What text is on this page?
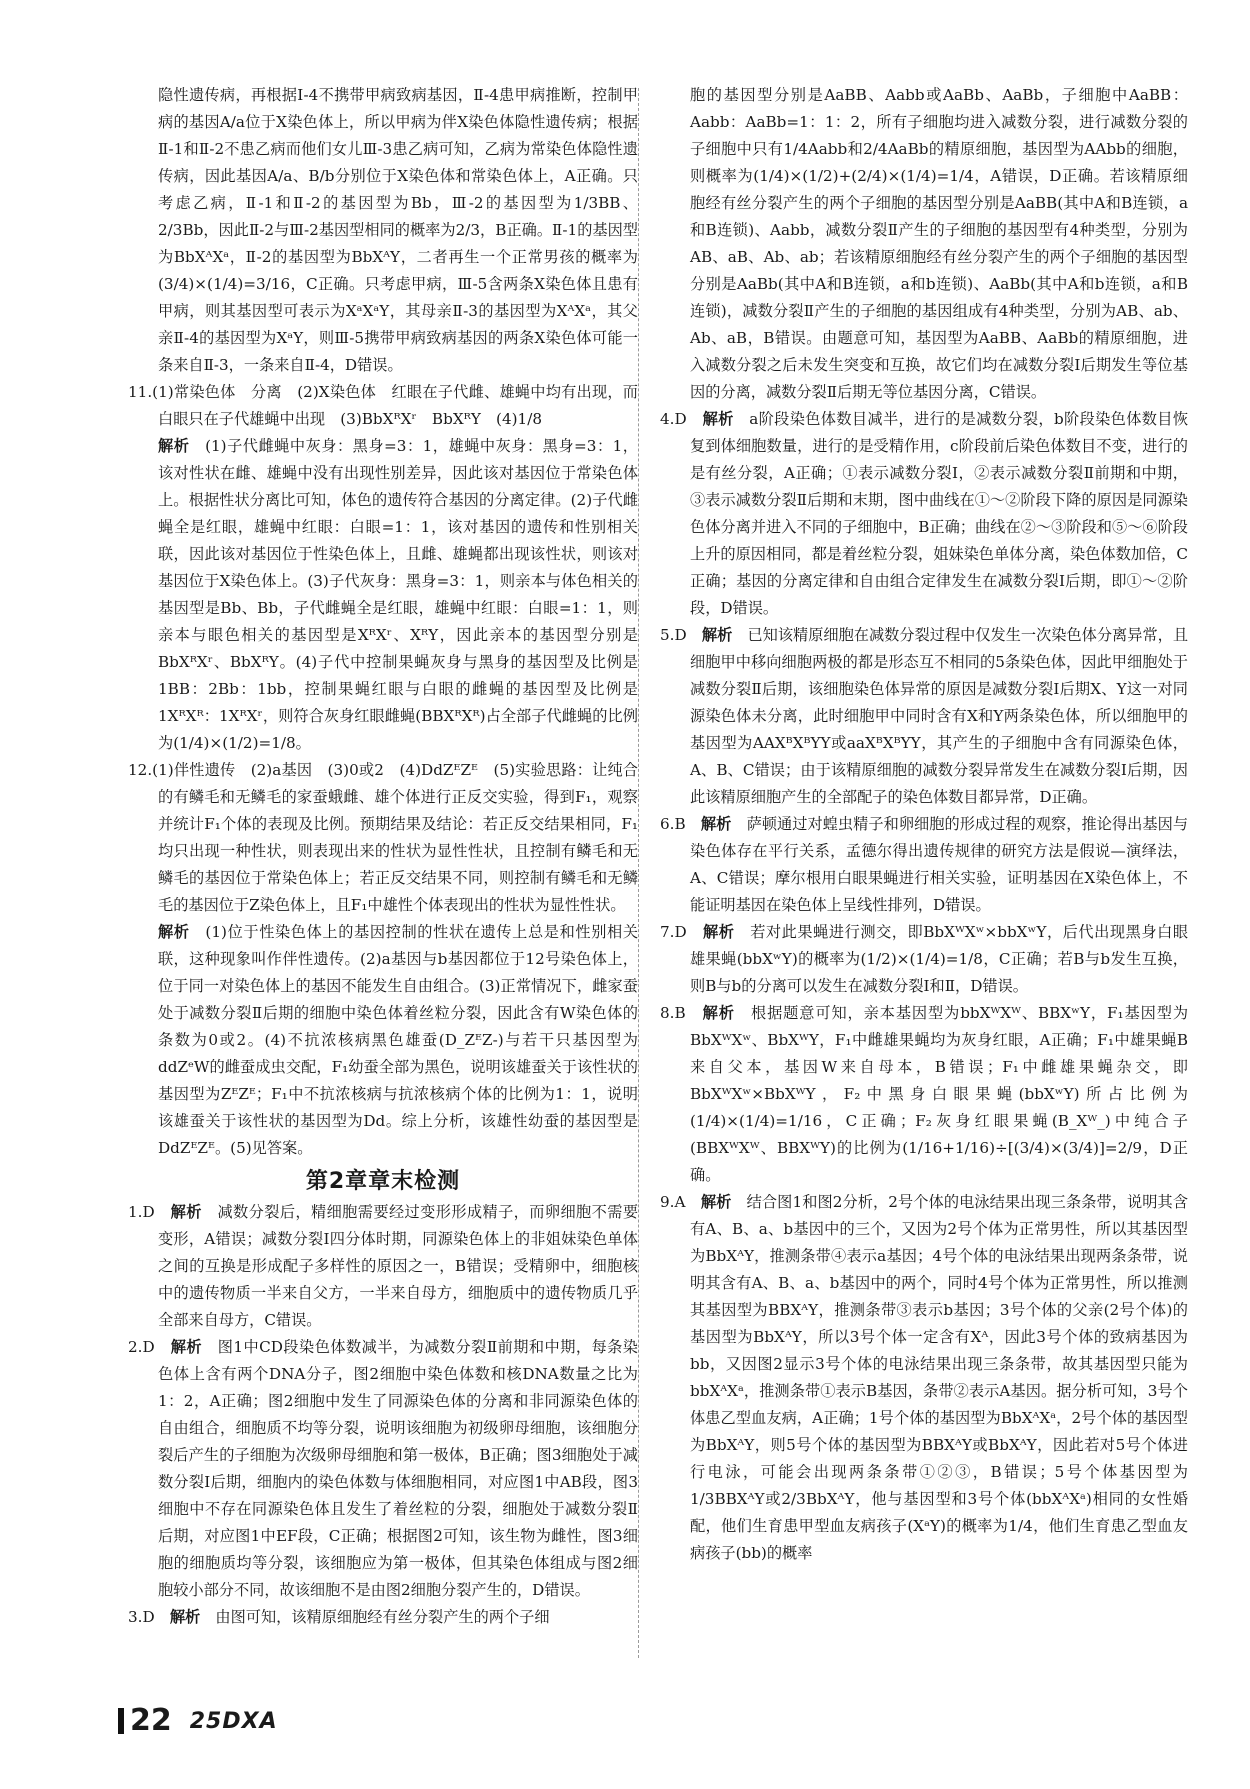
隐性遗传病，再根据Ⅰ-4不携带甲病致病基因，Ⅱ-4患甲病推断，控制甲病的基因A/a位于X染色体上，所以甲病为伴X染色体隐性遗传病；根据Ⅱ-1和Ⅱ-2不患乙病而他们女儿Ⅲ-3患乙病可知，乙病为常染色体隐性遗传病，因此基因A/a、B/b分别位于X染色体和常染色体上，A正确。只考虑乙病，Ⅱ-1和Ⅱ-2的基因型为Bb，Ⅲ-2的基因型为1/3BB、2/3Bb，因此Ⅱ-2与Ⅲ-2基因型相同的概率为2/3，B正确。Ⅱ-1的基因型为BbXᴬXᵃ，Ⅱ-2的基因型为BbXᴬY，二者再生一个正常男孩的概率为(3/4)×(1/4)=3/16，C正确。只考虑甲病，Ⅲ-5含两条X染色体且患有甲病，则其基因型可表示为XᵃXᵃY，其母亲Ⅱ-3的基因型为XᴬXᵃ，其父亲Ⅱ-4的基因型为XᵃY，则Ⅲ-5携带甲病致病基因的两条X染色体可能一条来自Ⅱ-3，一条来自Ⅱ-4，D错误。

11.(1)常染色体　分离　(2)X染色体　红眼在子代雌、雄蝇中均有出现，而白眼只在子代雄蝇中出现　(3)BbXᴿXʳ　BbXᴿY　(4)1/8

解析　(1)子代雌蝇中灰身：黑身=3：1，雄蝇中灰身：黑身=3：1，该对性状在雌、雄蝇中没有出现性别差异，因此该对基因位于常染色体上。根据性状分离比可知，体色的遗传符合基因的分离定律。(2)子代雌蝇全是红眼，雄蝇中红眼：白眼=1：1，该对基因的遗传和性别相关联，因此该对基因位于性染色体上，且雌、雄蝇都出现该性状，则该对基因位于X染色体上。(3)子代灰身：黑身=3：1，则亲本与体色相关的基因型是Bb、Bb，子代雌蝇全是红眼，雄蝇中红眼：白眼=1：1，则亲本与眼色相关的基因型是XᴿXʳ、XᴿY，因此亲本的基因型分别是BbXᴿXʳ、BbXᴿY。(4)子代中控制果蝇灰身与黑身的基因型及比例是1BB：2Bb：1bb，控制果蝇红眼与白眼的雌蝇的基因型及比例是1XᴿXᴿ：1XᴿXʳ，则符合灰身红眼雌蝇(BBXᴿXᴿ)占全部子代雌蝇的比例为(1/4)×(1/2)=1/8。

12.(1)伴性遗传　(2)a基因　(3)0或2　(4)DdZᴱZᴱ　(5)实验思路：让纯合的有鳞毛和无鳞毛的家蚕蛾雌、雄个体进行正反交实验，得到F₁，观察并统计F₁个体的表现及比例。预期结果及结论：若正反交结果相同，F₁均只出现一种性状，则表现出来的性状为显性性状，且控制有鳞毛和无鳞毛的基因位于常染色体上；若正反交结果不同，则控制有鳞毛和无鳞毛的基因位于Z染色体上，且F₁中雄性个体表现出的性状为显性性状。

解析　(1)位于性染色体上的基因控制的性状在遗传上总是和性别相关联，这种现象叫作伴性遗传。(2)a基因与b基因都位于12号染色体上，位于同一对染色体上的基因不能发生自由组合。(3)正常情况下，雌家蚕处于减数分裂Ⅱ后期的细胞中染色体着丝粒分裂，因此含有W染色体的条数为0或2。(4)不抗浓核病黑色雄蚕(D_ZᴱZ-)与若干只基因型为ddZᵉW的雌蚕成虫交配，F₁幼蚕全部为黑色，说明该雄蚕关于该性状的基因型为ZᴱZᴱ；F₁中不抗浓核病与抗浓核病个体的比例为1：1，说明该雄蚕关于该性状的基因型为Dd。综上分析，该雄性幼蚕的基因型是DdZᴱZᴱ。(5)见答案。

第2章章末检测

1.D　 解析　减数分裂后，精细胞需要经过变形形成精子，而卵细胞不需要变形，A错误；减数分裂Ⅰ四分体时期，同源染色体上的非姐妹染色单体之间的互换是形成配子多样性的原因之一，B错误；受精卵中，细胞核中的遗传物质一半来自父方，一半来自母方，细胞质中的遗传物质几乎全部来自母方，C错误。

2.D　 解析　图1中CD段染色体数减半，为减数分裂Ⅱ前期和中期，每条染色体上含有两个DNA分子，图2细胞中染色体数和核DNA数量之比为1：2，A正确；图2细胞中发生了同源染色体的分离和非同源染色体的自由组合，细胞质不均等分裂，说明该细胞为初级卵母细胞，该细胞分裂后产生的子细胞为次级卵母细胞和第一极体，B正确；图3细胞处于减数分裂Ⅰ后期，细胞内的染色体数与体细胞相同，对应图1中AB段，图3细胞中不存在同源染色体且发生了着丝粒的分裂，细胞处于减数分裂Ⅱ后期，对应图1中EF段，C正确；根据图2可知，该生物为雌性，图3细胞的细胞质均等分裂，该细胞应为第一极体，但其染色体组成与图2细胞较小部分不同，故该细胞不是由图2细胞分裂产生的，D错误。

3.D　 解析　由图可知，该精原细胞经有丝分裂产生的两个子细

胞的基因型分别是AaBB、Aabb或AaBb、AaBb，子细胞中AaBB：Aabb：AaBb=1：1：2，所有子细胞均进入减数分裂，进行减数分裂的子细胞中只有1/4Aabb和2/4AaBb的精原细胞，基因型为AAbb的细胞，则概率为(1/4)×(1/2)+(2/4)×(1/4)=1/4，A错误，D正确。若该精原细胞经有丝分裂产生的两个子细胞的基因型分别是AaBB(其中A和B连锁，a和B连锁)、Aabb，减数分裂Ⅱ产生的子细胞的基因型有4种类型，分别为AB、aB、Ab、ab；若该精原细胞经有丝分裂产生的两个子细胞的基因型分别是AaBb(其中A和B连锁，a和b连锁)、AaBb(其中A和b连锁，a和B连锁)，减数分裂Ⅱ产生的子细胞的基因组成有4种类型，分别为AB、ab、Ab、aB，B错误。由题意可知，基因型为AaBB、AaBb的精原细胞，进入减数分裂之后未发生突变和互换，故它们均在减数分裂Ⅰ后期发生等位基因的分离，减数分裂Ⅱ后期无等位基因分离，C错误。

4.D　 解析　a阶段染色体数目减半，进行的是减数分裂，b阶段染色体数目恢复到体细胞数量，进行的是受精作用，c阶段前后染色体数目不变，进行的是有丝分裂，A正确；①表示减数分裂Ⅰ，②表示减数分裂Ⅱ前期和中期，③表示减数分裂Ⅱ后期和末期，图中曲线在①～②阶段下降的原因是同源染色体分离并进入不同的子细胞中，B正确；曲线在②～③阶段和⑤～⑥阶段上升的原因相同，都是着丝粒分裂，姐妹染色单体分离，染色体数加倍，C正确；基因的分离定律和自由组合定律发生在减数分裂Ⅰ后期，即①～②阶段，D错误。

5.D　 解析　已知该精原细胞在减数分裂过程中仅发生一次染色体分离异常，且细胞甲中移向细胞两极的都是形态互不相同的5条染色体，因此甲细胞处于减数分裂Ⅱ后期，该细胞染色体异常的原因是减数分裂Ⅰ后期X、Y这一对同源染色体未分离，此时细胞甲中同时含有X和Y两条染色体，所以细胞甲的基因型为AAXᴮXᴮYY或aaXᴮXᴮYY，其产生的子细胞中含有同源染色体，A、B、C错误；由于该精原细胞的减数分裂异常发生在减数分裂Ⅰ后期，因此该精原细胞产生的全部配子的染色体数目都异常，D正确。

6.B　 解析　萨顿通过对蝗虫精子和卵细胞的形成过程的观察，推论得出基因与染色体存在平行关系，孟德尔得出遗传规律的研究方法是假说—演绎法，A、C错误；摩尔根用白眼果蝇进行相关实验，证明基因在X染色体上，不能证明基因在染色体上呈线性排列，D错误。

7.D　 解析　若对此果蝇进行测交，即BbXᵂXʷ×bbXʷY，后代出现黑身白眼雄果蝇(bbXʷY)的概率为(1/2)×(1/4)=1/8，C正确；若B与b发生互换，则B与b的分离可以发生在减数分裂Ⅰ和Ⅱ，D错误。

8.B　 解析　根据题意可知，亲本基因型为bbXᵂXᵂ、BBXʷY，F₁基因型为BbXᵂXʷ、BbXᵂY，F₁中雌雄果蝇均为灰身红眼，A正确；F₁中雄果蝇B来自父本，基因W来自母本，B错误；F₁中雌雄果蝇杂交，即BbXᵂXʷ×BbXᵂY，F₂中黑身白眼果蝇(bbXʷY)所占比例为(1/4)×(1/4)=1/16，C正确；F₂灰身红眼果蝇(B_Xᵂ_)中纯合子(BBXᵂXᵂ、BBXᵂY)的比例为(1/16+1/16)÷[(3/4)×(3/4)]=2/9，D正确。

9.A　 解析　结合图1和图2分析，2号个体的电泳结果出现三条条带，说明其含有A、B、a、b基因中的三个，又因为2号个体为正常男性，所以其基因型为BbXᴬY，推测条带④表示a基因；4号个体的电泳结果出现两条条带，说明其含有A、B、a、b基因中的两个，同时4号个体为正常男性，所以推测其基因型为BBXᴬY，推测条带③表示b基因；3号个体的父亲(2号个体)的基因型为BbXᴬY，所以3号个体一定含有Xᴬ，因此3号个体的致病基因为bb，又因图2显示3号个体的电泳结果出现三条条带，故其基因型只能为bbXᴬXᵃ，推测条带①表示B基因，条带②表示A基因。据分析可知，3号个体患乙型血友病，A正确；1号个体的基因型为BbXᴬXᵃ，2号个体的基因型为BbXᴬY，则5号个体的基因型为BBXᴬY或BbXᴬY，因此若对5号个体进行电泳，可能会出现两条条带①②③，B错误；5号个体基因型为1/3BBXᴬY或2/3BbXᴬY，他与基因型和3号个体(bbXᴬXᵃ)相同的女性婚配，他们生育患甲型血友病孩子(XᵃY)的概率为1/4，他们生育患乙型血友病孩子(bb)的概率

22 25DXA
